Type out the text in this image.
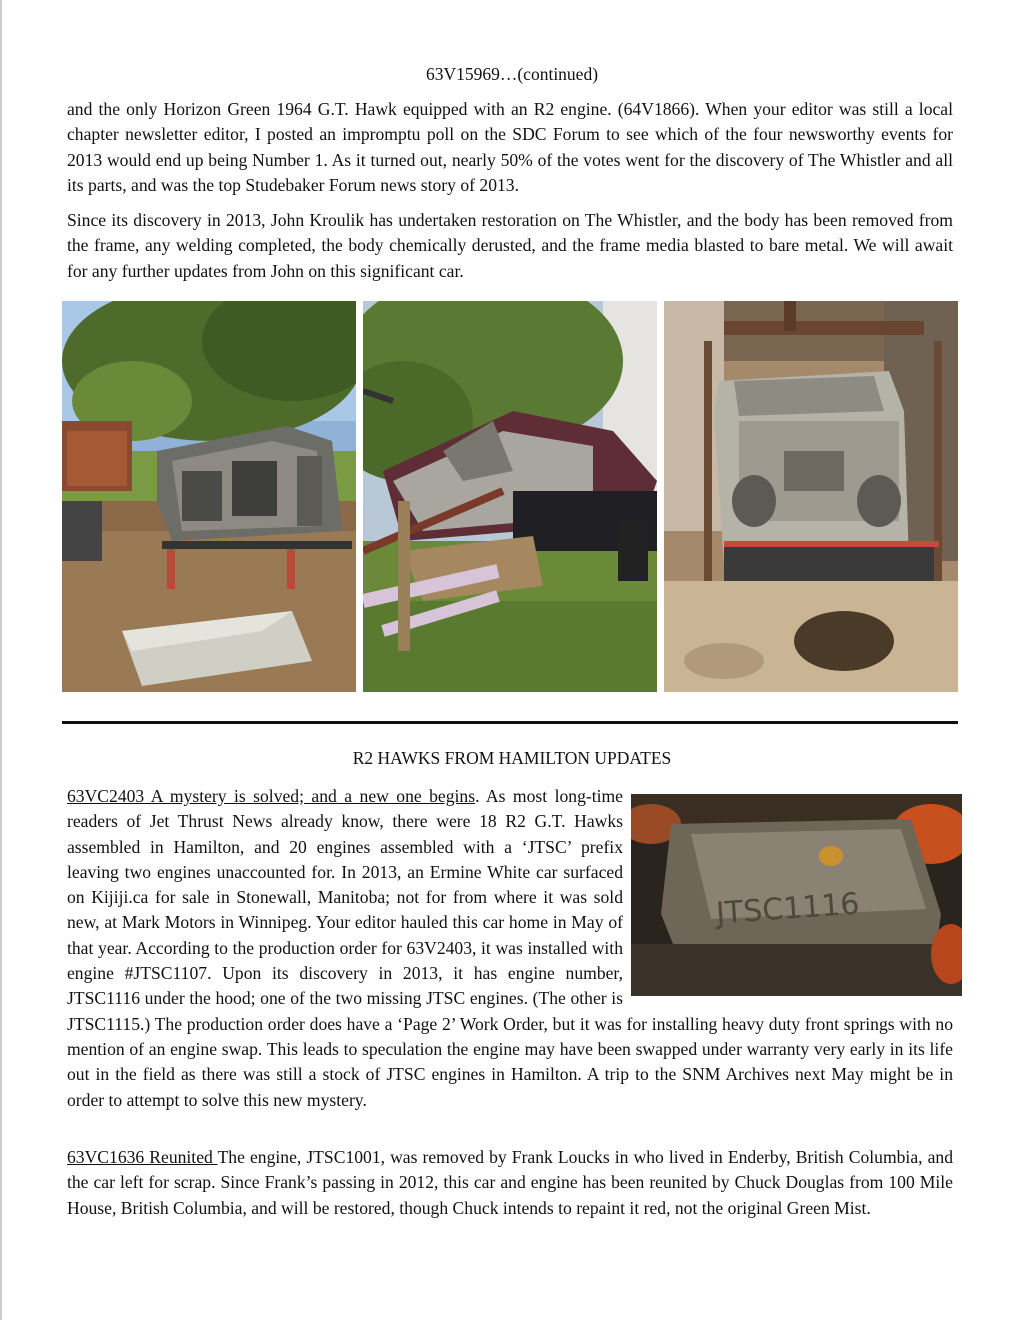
63V15969…(continued)

and the only Horizon Green 1964 G.T. Hawk equipped with an R2 engine. (64V1866). When your editor was still a local chapter newsletter editor, I posted an impromptu poll on the SDC Forum to see which of the four newsworthy events for 2013 would end up being Number 1. As it turned out, nearly 50% of the votes went for the discovery of The Whistler and all its parts, and was the top Studebaker Forum news story of 2013.

Since its discovery in 2013, John Kroulik has undertaken restoration on The Whistler, and the body has been removed from the frame, any welding completed, the body chemically derusted, and the frame media blasted to bare metal. We will await for any further updates from John on this significant car.

R2 HAWKS FROM HAMILTON UPDATES

JTSC1116
63VC2403 A mystery is solved; and a new one begins. As most long-time readers of Jet Thrust News already know, there were 18 R2 G.T. Hawks assembled in Hamilton, and 20 engines assembled with a ‘JTSC’ prefix leaving two engines unaccounted for. In 2013, an Ermine White car surfaced on Kijiji.ca for sale in Stonewall, Manitoba; not for from where it was sold new, at Mark Motors in Winnipeg. Your editor hauled this car home in May of that year. According to the production order for 63V2403, it was installed with engine #JTSC1107. Upon its discovery in 2013, it has engine number, JTSC1116 under the hood; one of the two missing JTSC engines. (The other is JTSC1115.) The production order does have a ‘Page 2’ Work Order, but it was for installing heavy duty front springs with no mention of an engine swap. This leads to speculation the engine may have been swapped under warranty very early in its life out in the field as there was still a stock of JTSC engines in Hamilton. A trip to the SNM Archives next May might be in order to attempt to solve this new mystery.

63VC1636 Reunited The engine, JTSC1001, was removed by Frank Loucks in who lived in Enderby, British Columbia, and the car left for scrap. Since Frank’s passing in 2012, this car and engine has been reunited by Chuck Douglas from 100 Mile House, British Columbia, and will be restored, though Chuck intends to repaint it red, not the original Green Mist.
